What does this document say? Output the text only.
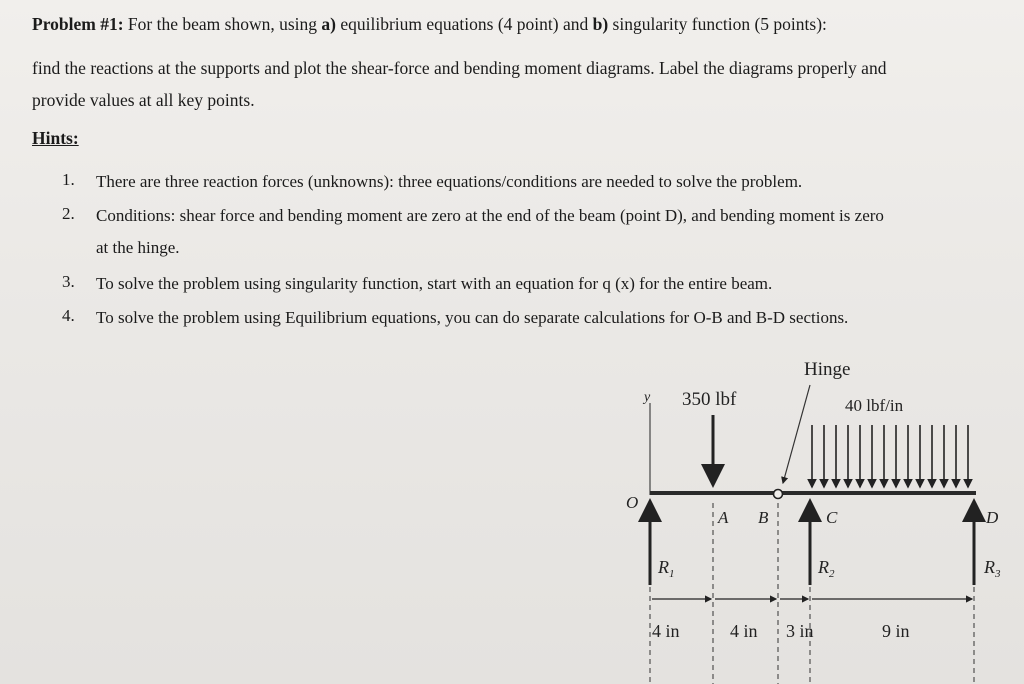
Problem #1: For the beam shown, using a) equilibrium equations (4 point) and b) singularity function (5 points):
find the reactions at the supports and plot the shear-force and bending moment diagrams. Label the diagrams properly and
provide values at all key points.
Hints:
1. There are three reaction forces (unknowns): three equations/conditions are needed to solve the problem.
2. Conditions: shear force and bending moment are zero at the end of the beam (point D), and bending moment is zero
at the hinge.
3. To solve the problem using singularity function, start with an equation for q (x) for the entire beam.
4. To solve the problem using Equilibrium equations, you can do separate calculations for O-B and B-D sections.
y
Hinge
350 lbf	40 lbf/in
O
A B	C	D
$R_1$	$R_2$	$R_3$
4 in	4 in 3 in	9 in
